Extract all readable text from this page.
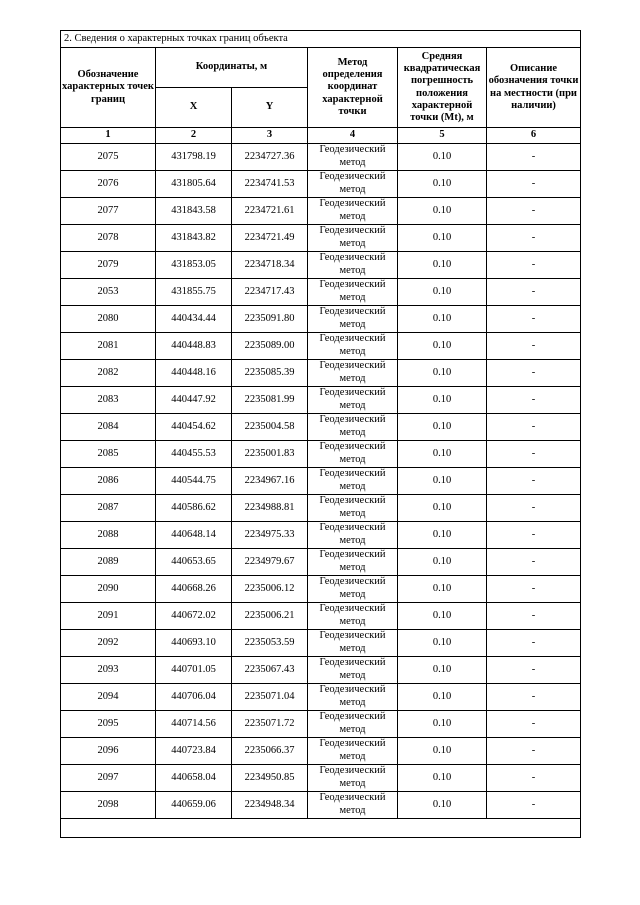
2. Сведения о характерных точках границ объекта					
Обозначение характерных точек границ	Координаты, м		Метод определения координат характерной точки	Средняя квадратическая погрешность положения характерной точки (Mt), м	Описание обозначения точки на местности (при наличии)
	X	Y			
1	2	3	4	5	6
2075	431798.19	2234727.36	Геодезический метод	0.10	-
2076	431805.64	2234741.53	Геодезический метод	0.10	-
2077	431843.58	2234721.61	Геодезический метод	0.10	-
2078	431843.82	2234721.49	Геодезический метод	0.10	-
2079	431853.05	2234718.34	Геодезический метод	0.10	-
2053	431855.75	2234717.43	Геодезический метод	0.10	-
2080	440434.44	2235091.80	Геодезический метод	0.10	-
2081	440448.83	2235089.00	Геодезический метод	0.10	-
2082	440448.16	2235085.39	Геодезический метод	0.10	-
2083	440447.92	2235081.99	Геодезический метод	0.10	-
2084	440454.62	2235004.58	Геодезический метод	0.10	-
2085	440455.53	2235001.83	Геодезический метод	0.10	-
2086	440544.75	2234967.16	Геодезический метод	0.10	-
2087	440586.62	2234988.81	Геодезический метод	0.10	-
2088	440648.14	2234975.33	Геодезический метод	0.10	-
2089	440653.65	2234979.67	Геодезический метод	0.10	-
2090	440668.26	2235006.12	Геодезический метод	0.10	-
2091	440672.02	2235006.21	Геодезический метод	0.10	-
2092	440693.10	2235053.59	Геодезический метод	0.10	-
2093	440701.05	2235067.43	Геодезический метод	0.10	-
2094	440706.04	2235071.04	Геодезический метод	0.10	-
2095	440714.56	2235071.72	Геодезический метод	0.10	-
2096	440723.84	2235066.37	Геодезический метод	0.10	-
2097	440658.04	2234950.85	Геодезический метод	0.10	-
2098	440659.06	2234948.34	Геодезический метод	0.10	-
